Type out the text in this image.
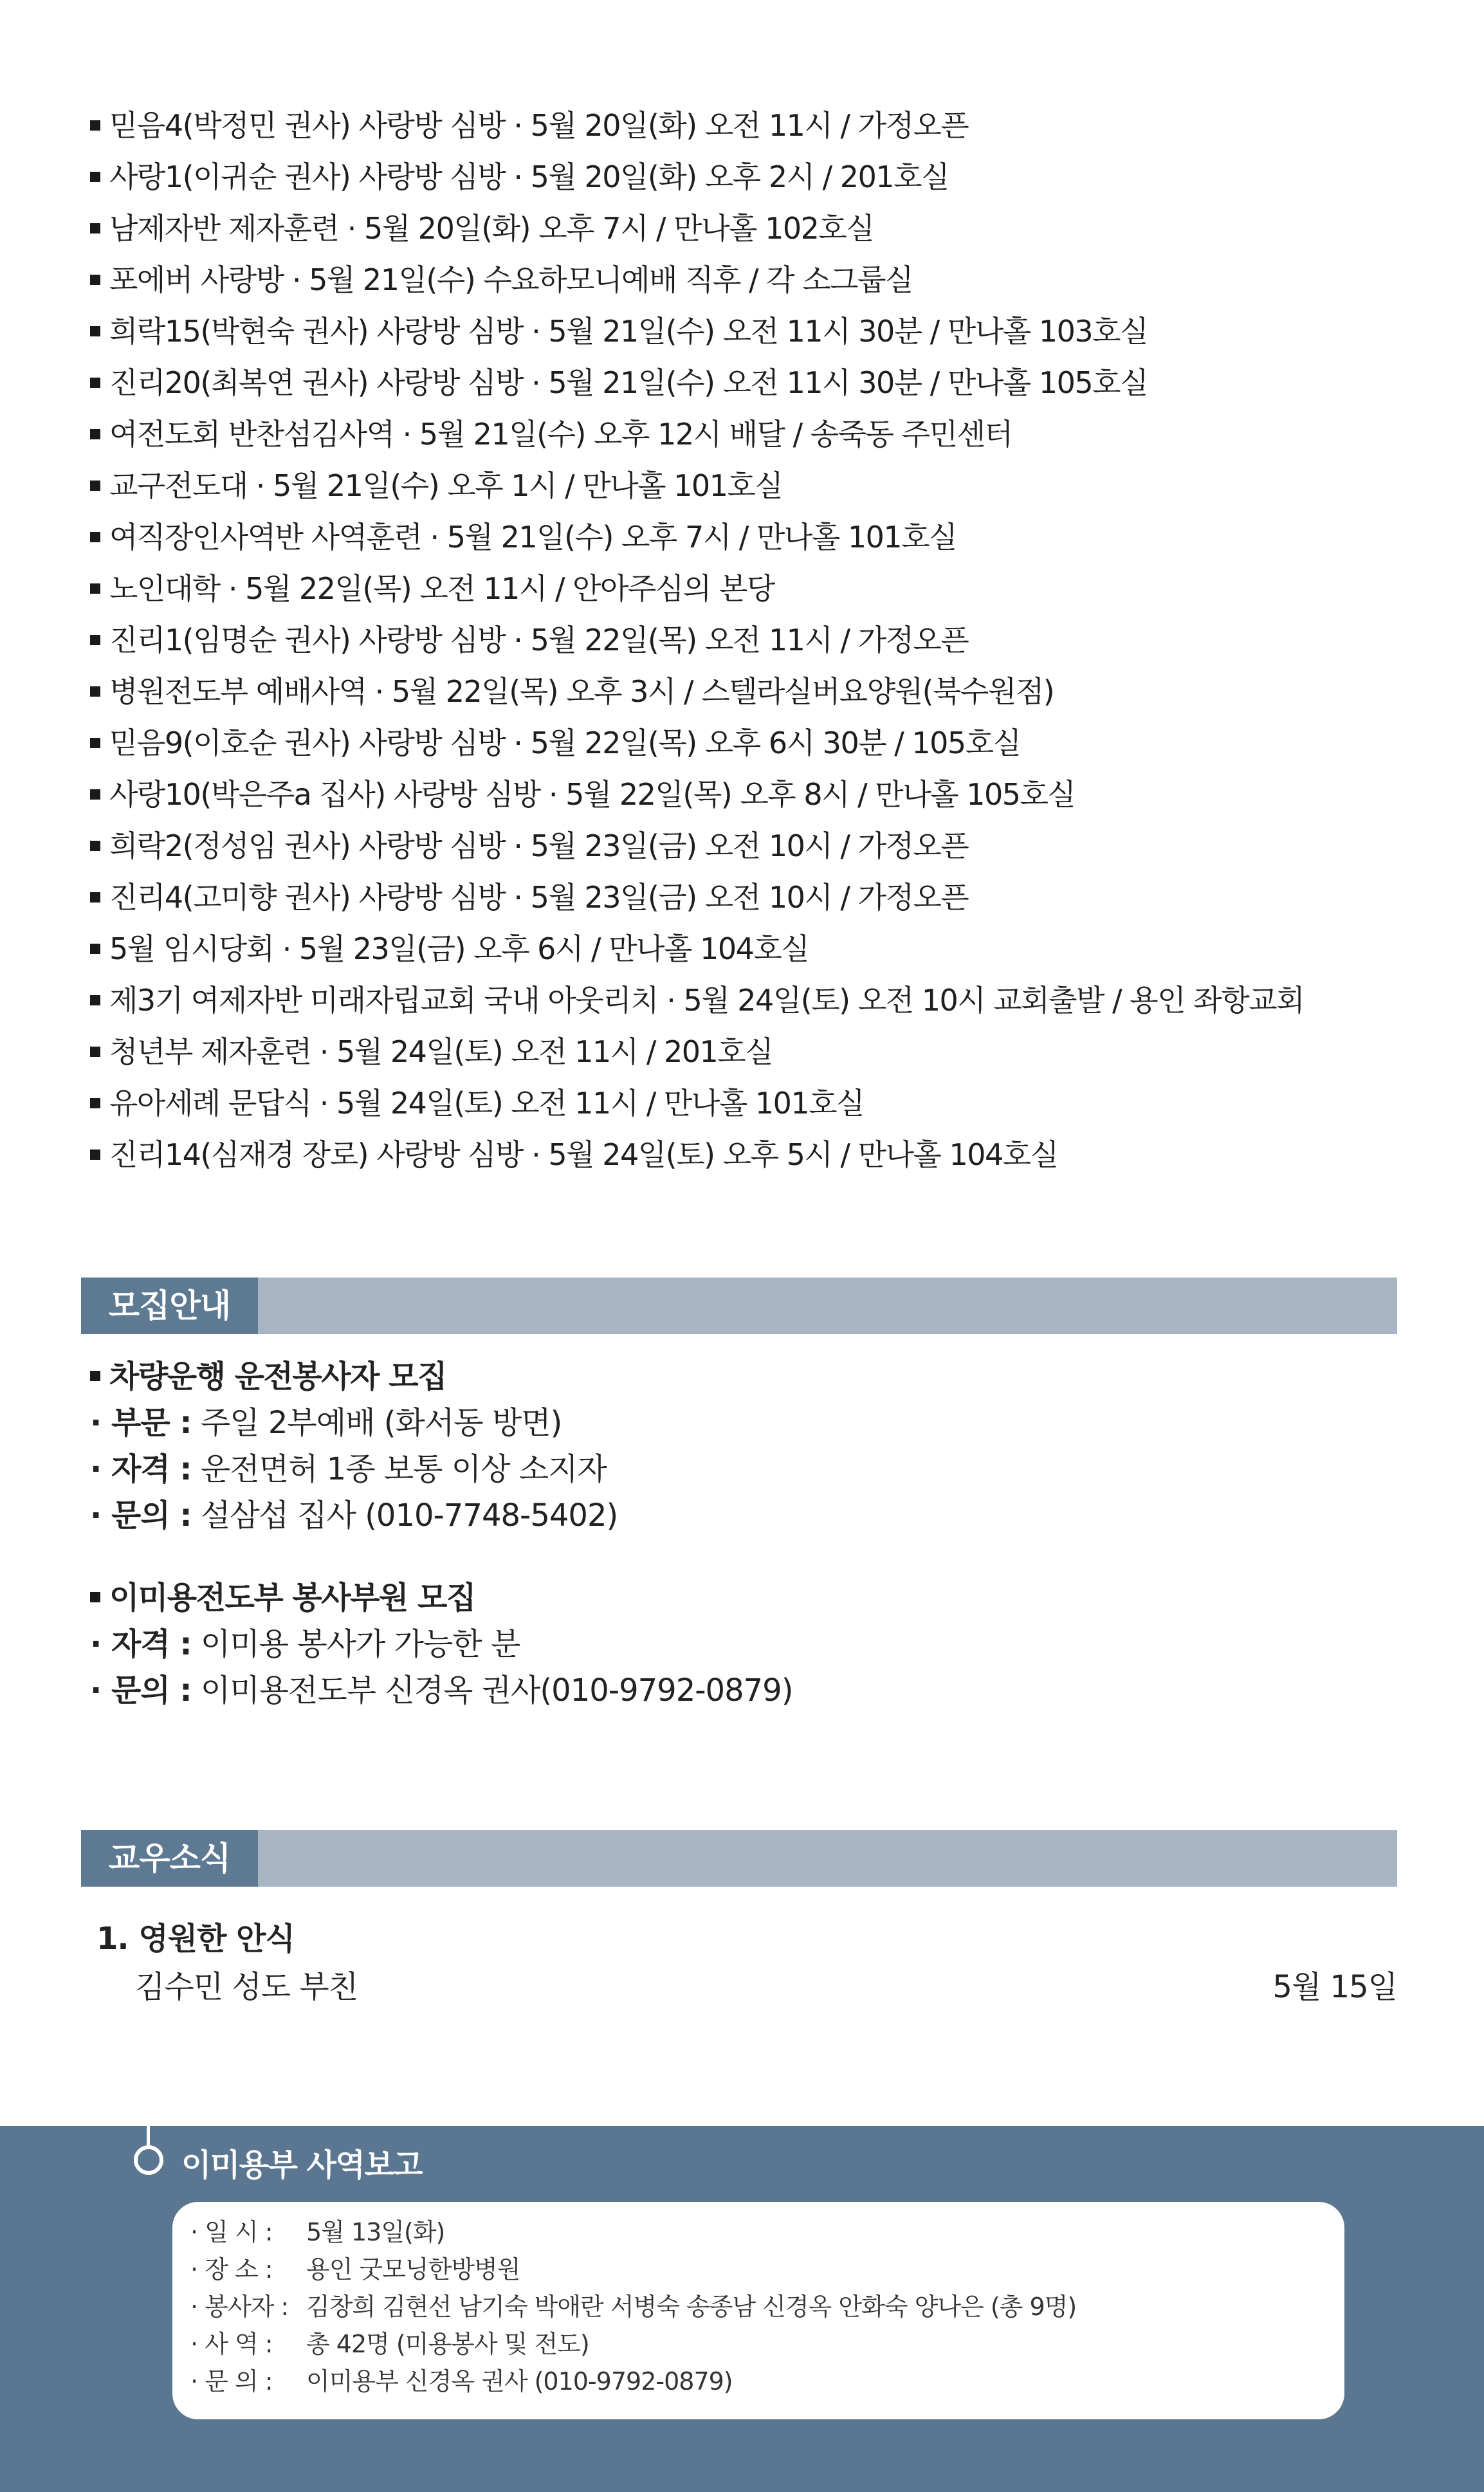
믿음4(박정민 권사) 사랑방 심방 · 5월 20일(화) 오전 11시 / 가정오픈
사랑1(이귀순 권사) 사랑방 심방 · 5월 20일(화) 오후 2시 / 201호실
남제자반 제자훈련 · 5월 20일(화) 오후 7시 / 만나홀 102호실
포에버 사랑방 · 5월 21일(수) 수요하모니예배 직후 / 각 소그룹실
희락15(박현숙 권사) 사랑방 심방 · 5월 21일(수) 오전 11시 30분 / 만나홀 103호실
진리20(최복연 권사) 사랑방 심방 · 5월 21일(수) 오전 11시 30분 / 만나홀 105호실
여전도회 반찬섬김사역 · 5월 21일(수) 오후 12시 배달 / 송죽동 주민센터
교구전도대 · 5월 21일(수) 오후 1시 / 만나홀 101호실
여직장인사역반 사역훈련 · 5월 21일(수) 오후 7시 / 만나홀 101호실
노인대학 · 5월 22일(목) 오전 11시 / 안아주심의 본당
진리1(임명순 권사) 사랑방 심방 · 5월 22일(목) 오전 11시 / 가정오픈
병원전도부 예배사역 · 5월 22일(목) 오후 3시 / 스텔라실버요양원(북수원점)
믿음9(이호순 권사) 사랑방 심방 · 5월 22일(목) 오후 6시 30분 / 105호실
사랑10(박은주a 집사) 사랑방 심방 · 5월 22일(목) 오후 8시 / 만나홀 105호실
희락2(정성임 권사) 사랑방 심방 · 5월 23일(금) 오전 10시 / 가정오픈
진리4(고미향 권사) 사랑방 심방 · 5월 23일(금) 오전 10시 / 가정오픈
5월 임시당회 · 5월 23일(금) 오후 6시 / 만나홀 104호실
제3기 여제자반 미래자립교회 국내 아웃리치 · 5월 24일(토) 오전 10시 교회출발 / 용인 좌항교회
청년부 제자훈련 · 5월 24일(토) 오전 11시 / 201호실
유아세례 문답식 · 5월 24일(토) 오전 11시 / 만나홀 101호실
진리14(심재경 장로) 사랑방 심방 · 5월 24일(토) 오후 5시 / 만나홀 104호실
모집안내
차량운행 운전봉사자 모집
· 부문 : 주일 2부예배 (화서동 방면)
· 자격 : 운전면허 1종 보통 이상 소지자
· 문의 : 설삼섭 집사 (010-7748-5402)
이미용전도부 봉사부원 모집
· 자격 : 이미용 봉사가 가능한 분
· 문의 : 이미용전도부 신경옥 권사(010-9792-0879)
교우소식
1. 영원한 안식
김수민 성도 부친	5월 15일
이미용부 사역보고
· 일 시 : 5월 13일(화)
· 장 소 : 용인 굿모닝한방병원
· 봉사자 : 김창희 김현선 남기숙 박애란 서병숙 송종남 신경옥 안화숙 양나은 (총 9명)
· 사 역 : 총 42명 (미용봉사 및 전도)
· 문 의 : 이미용부 신경옥 권사 (010-9792-0879)
